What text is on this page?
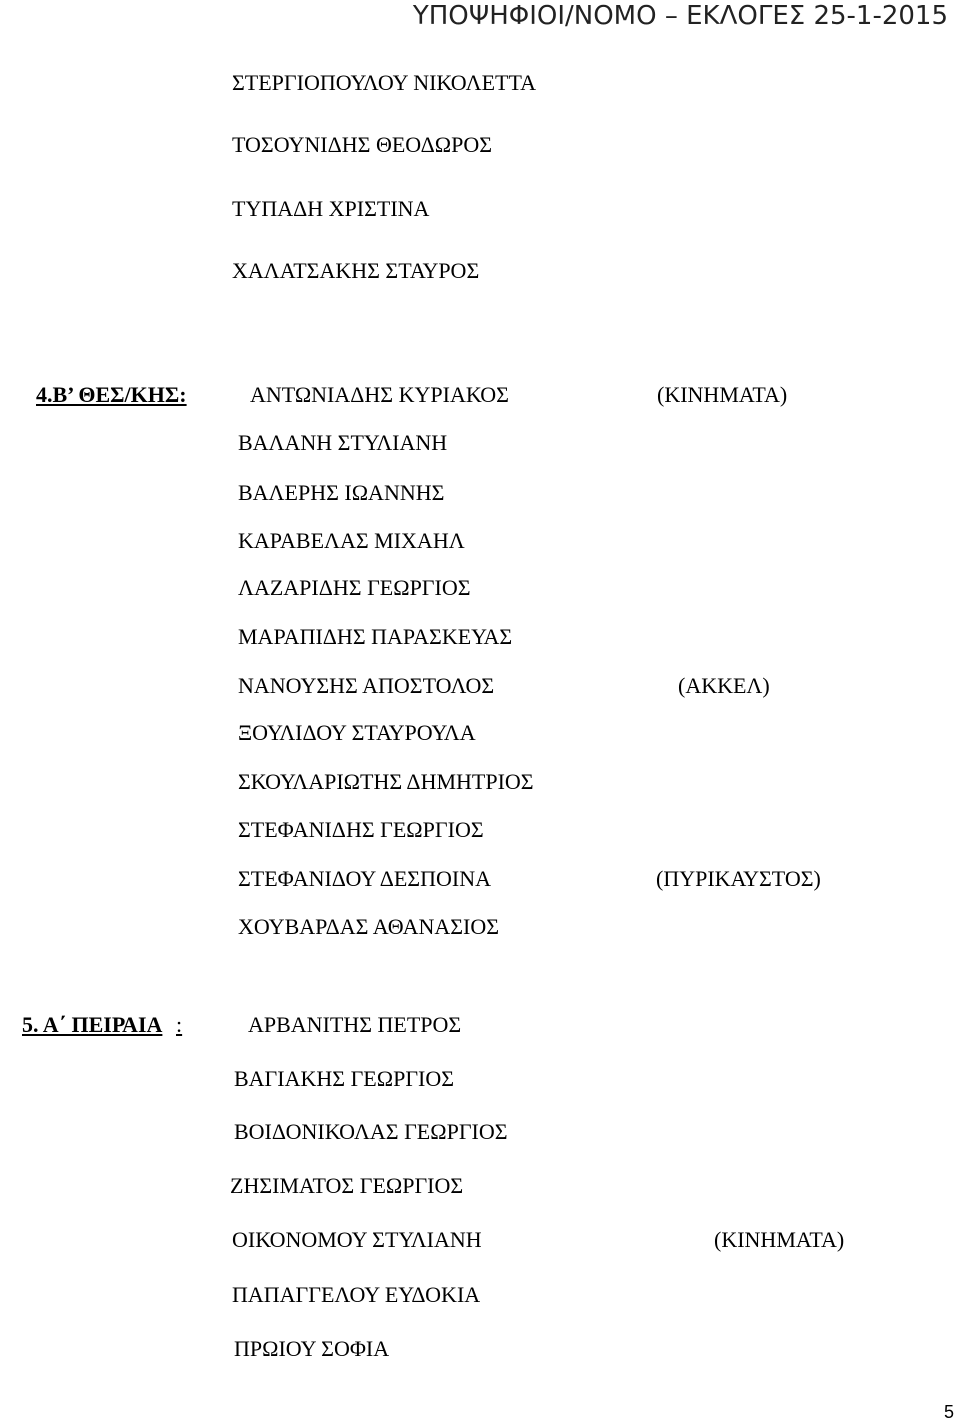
ΥΠΟΨΗΦΙΟΙ/ΝΟΜΟ – ΕΚΛΟΓΕΣ 25-1-2015
ΣΤΕΡΓΙΟΠΟΥΛΟΥ ΝΙΚΟΛΕΤΤΑ
ΤΟΣΟΥΝΙΔΗΣ ΘΕΟΔΩΡΟΣ
ΤΥΠΑΔΗ ΧΡΙΣΤΙΝΑ
ΧΑΛΑΤΣΑΚΗΣ ΣΤΑΥΡΟΣ
4.Β’ ΘΕΣ/ΚΗΣ:	ΑΝΤΩΝΙΑΔΗΣ ΚΥΡΙΑΚΟΣ	(ΚΙΝΗΜΑΤΑ)
ΒΑΛΑΝΗ ΣΤΥΛΙΑΝΗ
ΒΑΛΕΡΗΣ ΙΩΑΝΝΗΣ
ΚΑΡΑΒΕΛΑΣ ΜΙΧΑΗΛ
ΛΑΖΑΡΙΔΗΣ ΓΕΩΡΓΙΟΣ
ΜΑΡΑΠΙΔΗΣ ΠΑΡΑΣΚΕΥΑΣ
ΝΑΝΟΥΣΗΣ ΑΠΟΣΤΟΛΟΣ	(ΑΚΚΕΛ)
ΞΟΥΛΙΔΟΥ ΣΤΑΥΡΟΥΛΑ
ΣΚΟΥΛΑΡΙΩΤΗΣ ΔΗΜΗΤΡΙΟΣ
ΣΤΕΦΑΝΙΔΗΣ ΓΕΩΡΓΙΟΣ
ΣΤΕΦΑΝΙΔΟΥ ΔΕΣΠΟΙΝΑ	(ΠΥΡΙΚΑΥΣΤΟΣ)
ΧΟΥΒΑΡΔΑΣ ΑΘΑΝΑΣΙΟΣ
5. Α΄ ΠΕΙΡΑΙΑ :	ΑΡΒΑΝΙΤΗΣ ΠΕΤΡΟΣ
ΒΑΓΙΑΚΗΣ ΓΕΩΡΓΙΟΣ
ΒΟΙΔΟΝΙΚΟΛΑΣ ΓΕΩΡΓΙΟΣ
ΖΗΣΙΜΑΤΟΣ ΓΕΩΡΓΙΟΣ
ΟΙΚΟΝΟΜΟΥ ΣΤΥΛΙΑΝΗ	(ΚΙΝΗΜΑΤΑ)
ΠΑΠΑΓΓΕΛΟΥ ΕΥΔΟΚΙΑ
ΠΡΩΙΟΥ ΣΟΦΙΑ
5
